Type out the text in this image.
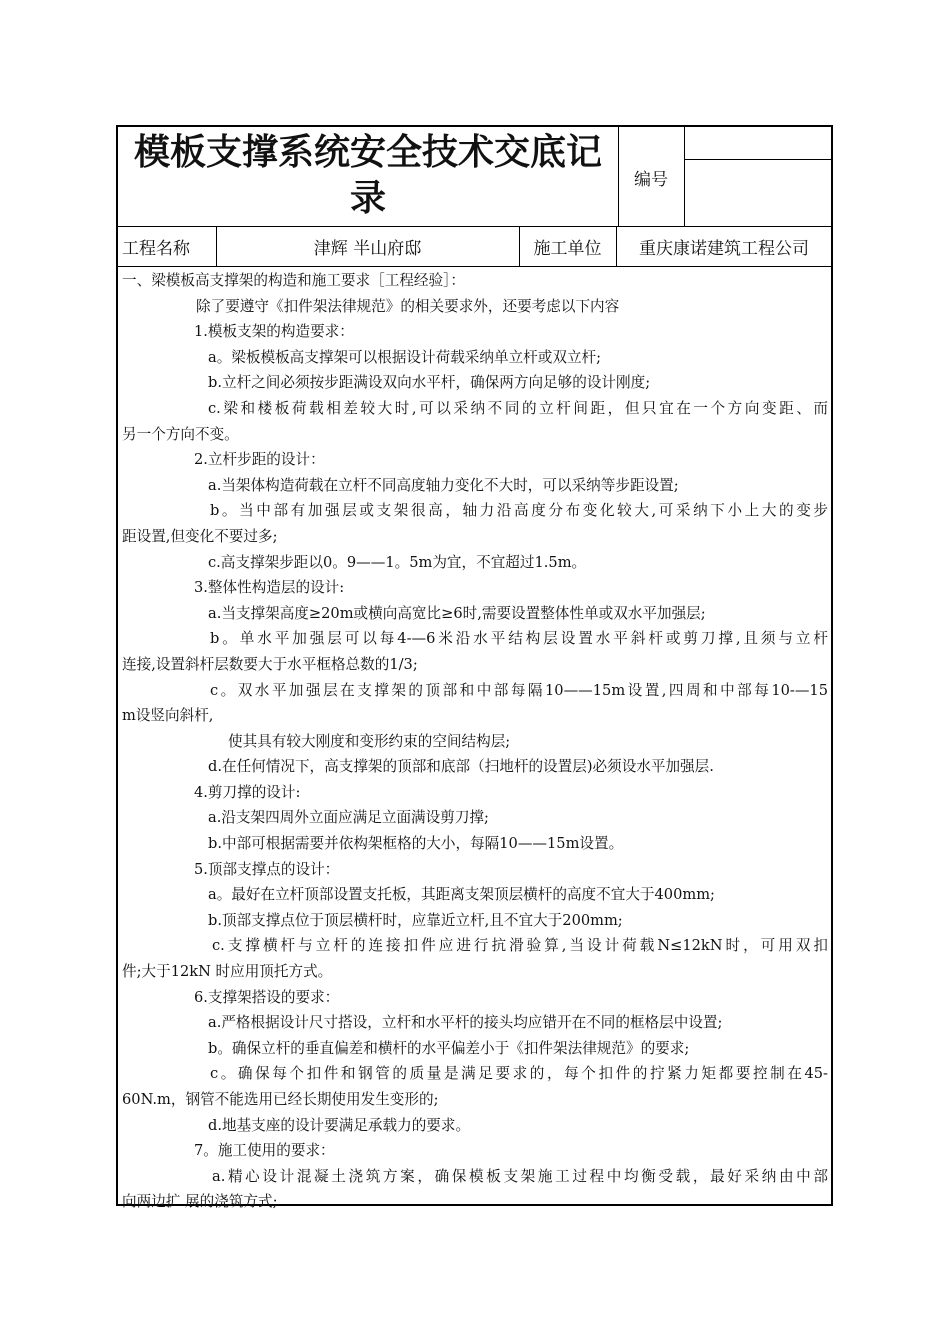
模板支撑系统安全技术交底记录	编号
工程名称	津辉 半山府邸	施工单位	重庆康诺建筑工程公司
一、梁模板高支撑架的构造和施工要求［工程经验］：
除了要遵守《扣件架法律规范》的相关要求外，还要考虑以下内容
1.模板支架的构造要求：
a。梁板模板高支撑架可以根据设计荷载采纳单立杆或双立杆;
b.立杆之间必须按步距满设双向水平杆，确保两方向足够的设计刚度;
c.梁和楼板荷载相差较大时,可以采纳不同的立杆间距，但只宜在一个方向变距、而
另一个方向不变。
2.立杆步距的设计：
a.当架体构造荷载在立杆不同高度轴力变化不大时，可以采纳等步距设置;
b。当中部有加强层或支架很高，轴力沿高度分布变化较大,可采纳下小上大的变步
距设置,但变化不要过多;
c.高支撑架步距以0。9——1。5m为宜，不宜超过1.5m。
3.整体性构造层的设计:
a.当支撑架高度≥20m或横向高宽比≥6时,需要设置整体性单或双水平加强层;
b。单水平加强层可以每4-—6米沿水平结构层设置水平斜杆或剪刀撑,且须与立杆
连接,设置斜杆层数要大于水平框格总数的1/3;
c。双水平加强层在支撑架的顶部和中部每隔10——15m设置,四周和中部每10-—15
m设竖向斜杆,
使其具有较大刚度和变形约束的空间结构层;
d.在任何情况下，高支撑架的顶部和底部（扫地杆的设置层)必须设水平加强层.
4.剪刀撑的设计:
a.沿支架四周外立面应满足立面满设剪刀撑;
b.中部可根据需要并依构架框格的大小，每隔10——15m设置。
5.顶部支撑点的设计：
a。最好在立杆顶部设置支托板，其距离支架顶层横杆的高度不宜大于400mm;
b.顶部支撑点位于顶层横杆时，应靠近立杆,且不宜大于200mm;
c.支撑横杆与立杆的连接扣件应进行抗滑验算,当设计荷载N≤12kN时，可用双扣
件;大于12kN 时应用顶托方式。
6.支撑架搭设的要求：
a.严格根据设计尺寸搭设，立杆和水平杆的接头均应错开在不同的框格层中设置;
b。确保立杆的垂直偏差和横杆的水平偏差小于《扣件架法律规范》的要求;
c。确保每个扣件和钢管的质量是满足要求的，每个扣件的拧紧力矩都要控制在45-
60N.m，钢管不能选用已经长期使用发生变形的;
d.地基支座的设计要满足承载力的要求。
7。施工使用的要求：
a.精心设计混凝土浇筑方案，确保模板支架施工过程中均衡受载，最好采纳由中部
向两边扩 展的浇筑方式;
